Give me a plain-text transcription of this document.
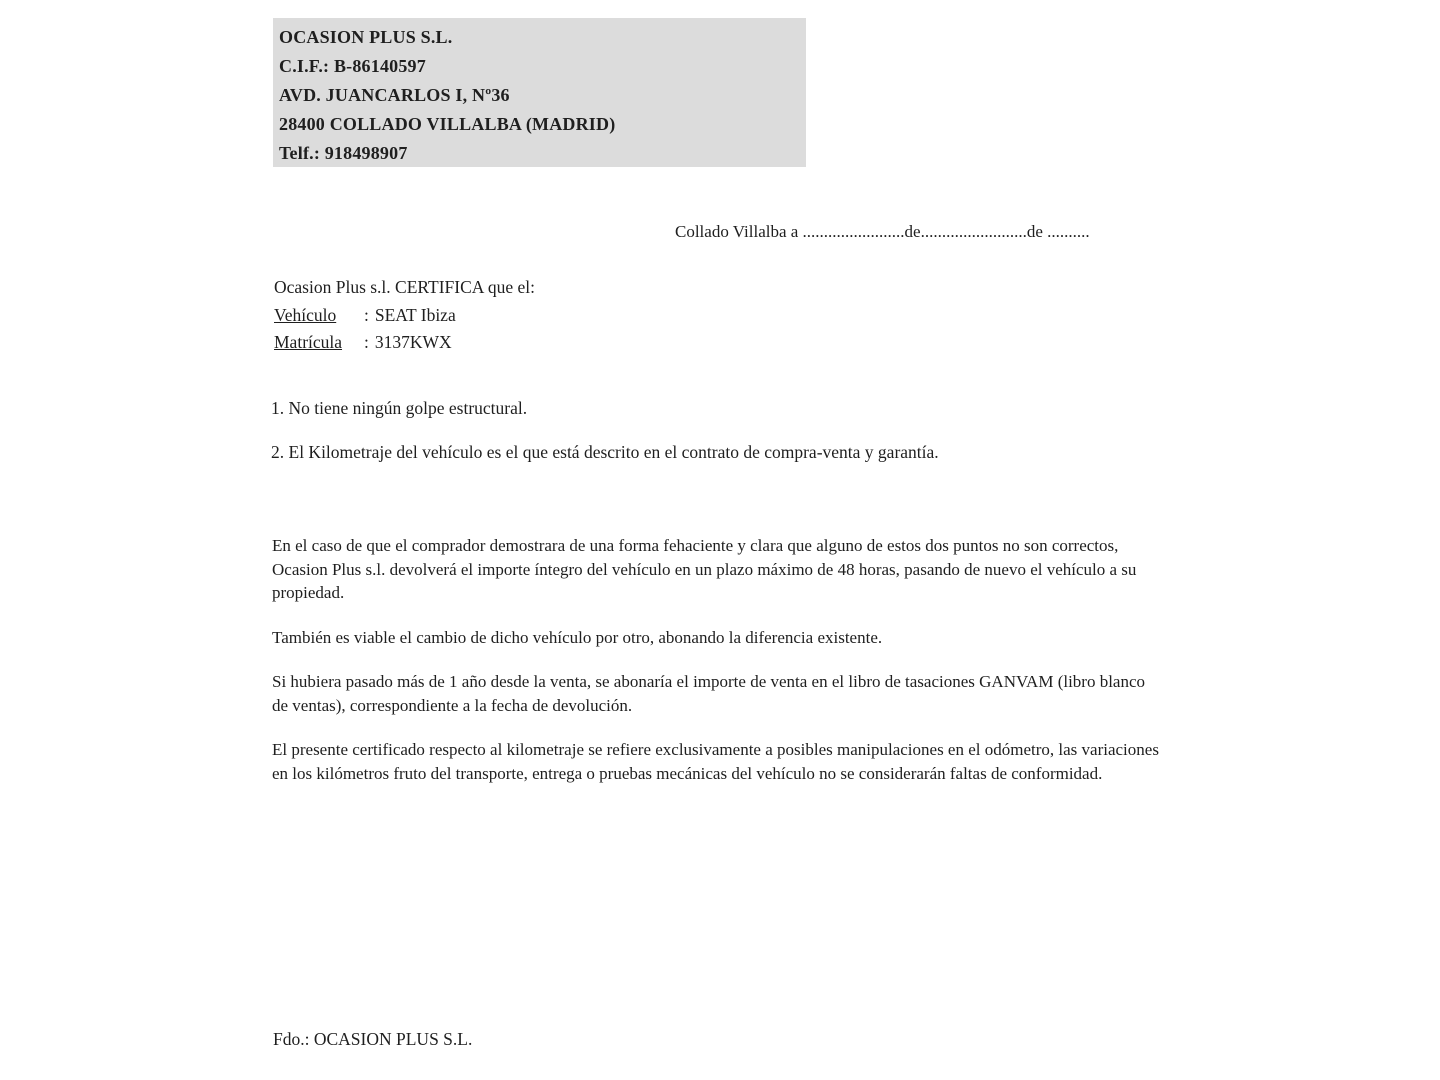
OCASION PLUS S.L.
C.I.F.: B-86140597
AVD. JUANCARLOS I, Nº36
28400 COLLADO VILLALBA (MADRID)
Telf.: 918498907
Collado Villalba a ........................de.........................de ..........
Ocasion Plus s.l. CERTIFICA que el:
Vehículo : SEAT Ibiza
Matrícula : 3137KWX
1. No tiene ningún golpe estructural.
2. El Kilometraje del vehículo es el que está descrito en el contrato de compra-venta y garantía.
En el caso de que el comprador demostrara de una forma fehaciente y clara que alguno de estos dos puntos no son correctos, Ocasion Plus s.l. devolverá el importe íntegro del vehículo en un plazo máximo de 48 horas, pasando de nuevo el vehículo a su propiedad.
También es viable el cambio de dicho vehículo por otro, abonando la diferencia existente.
Si hubiera pasado más de 1 año desde la venta, se abonaría el importe de venta en el libro de tasaciones GANVAM (libro blanco de ventas), correspondiente a la fecha de devolución.
El presente certificado respecto al kilometraje se refiere exclusivamente a posibles manipulaciones en el odómetro, las variaciones en los kilómetros fruto del transporte, entrega o pruebas mecánicas del vehículo no se considerarán faltas de conformidad.
Fdo.: OCASION PLUS S.L.
